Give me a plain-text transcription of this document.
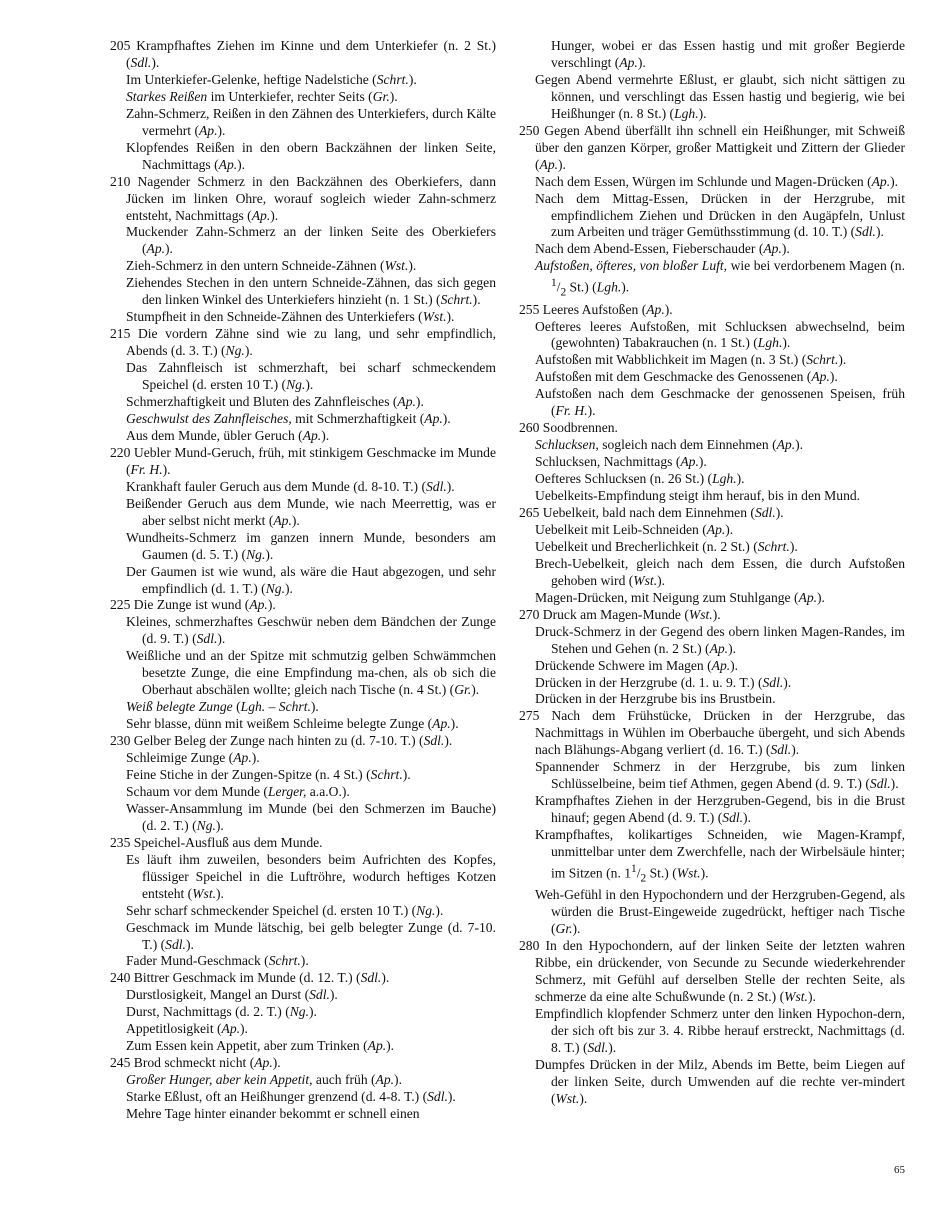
205 Krampfhaftes Ziehen im Kinne und dem Unterkiefer (n. 2 St.) (Sdl.).

Im Unterkiefer-Gelenke, heftige Nadelstiche (Schrt.).

Starkes Reißen im Unterkiefer, rechter Seits (Gr.).

Zahn-Schmerz, Reißen in den Zähnen des Unterkiefers, durch Kälte vermehrt (Ap.).

Klopfendes Reißen in den obern Backzähnen der linken Seite, Nachmittags (Ap.).

210 Nagender Schmerz in den Backzähnen des Oberkiefers, dann Jücken im linken Ohre, worauf sogleich wieder Zahn-schmerz entsteht, Nachmittags (Ap.).

Muckender Zahn-Schmerz an der linken Seite des Oberkiefers (Ap.).

Zieh-Schmerz in den untern Schneide-Zähnen (Wst.).

Ziehendes Stechen in den untern Schneide-Zähnen, das sich gegen den linken Winkel des Unterkiefers hinzieht (n. 1 St.) (Schrt.).

Stumpfheit in den Schneide-Zähnen des Unterkiefers (Wst.).

215 Die vordern Zähne sind wie zu lang, und sehr empfindlich, Abends (d. 3. T.) (Ng.).

Das Zahnfleisch ist schmerzhaft, bei scharf schmeckendem Speichel (d. ersten 10 T.) (Ng.).

Schmerzhaftigkeit und Bluten des Zahnfleisches (Ap.).

Geschwulst des Zahnfleisches, mit Schmerzhaftigkeit (Ap.).

Aus dem Munde, übler Geruch (Ap.).

220 Uebler Mund-Geruch, früh, mit stinkigem Geschmacke im Munde (Fr. H.).

Krankhaft fauler Geruch aus dem Munde (d. 8-10. T.) (Sdl.).

Beißender Geruch aus dem Munde, wie nach Meerrettig, was er aber selbst nicht merkt (Ap.).

Wundheits-Schmerz im ganzen innern Munde, besonders am Gaumen (d. 5. T.) (Ng.).

Der Gaumen ist wie wund, als wäre die Haut abgezogen, und sehr empfindlich (d. 1. T.) (Ng.).

225 Die Zunge ist wund (Ap.).

Kleines, schmerzhaftes Geschwür neben dem Bändchen der Zunge (d. 9. T.) (Sdl.).

Weißliche und an der Spitze mit schmutzig gelben Schwämmchen besetzte Zunge, die eine Empfindung ma-chen, als ob sich die Oberhaut abschälen wollte; gleich nach Tische (n. 4 St.) (Gr.).

Weiß belegte Zunge (Lgh. – Schrt.).

Sehr blasse, dünn mit weißem Schleime belegte Zunge (Ap.).

230 Gelber Beleg der Zunge nach hinten zu (d. 7-10. T.) (Sdl.).

Schleimige Zunge (Ap.).

Feine Stiche in der Zungen-Spitze (n. 4 St.) (Schrt.).

Schaum vor dem Munde (Lerger, a.a.O.).

Wasser-Ansammlung im Munde (bei den Schmerzen im Bauche) (d. 2. T.) (Ng.).

235 Speichel-Ausfluß aus dem Munde.

Es läuft ihm zuweilen, besonders beim Aufrichten des Kopfes, flüssiger Speichel in die Luftröhre, wodurch heftiges Kotzen entsteht (Wst.).

Sehr scharf schmeckender Speichel (d. ersten 10 T.) (Ng.).

Geschmack im Munde lätschig, bei gelb belegter Zunge (d. 7-10. T.) (Sdl.).

Fader Mund-Geschmack (Schrt.).

240 Bittrer Geschmack im Munde (d. 12. T.) (Sdl.).

Durstlosigkeit, Mangel an Durst (Sdl.).

Durst, Nachmittags (d. 2. T.) (Ng.).

Appetitlosigkeit (Ap.).

Zum Essen kein Appetit, aber zum Trinken (Ap.).

245 Brod schmeckt nicht (Ap.).

Großer Hunger, aber kein Appetit, auch früh (Ap.).

Starke Eßlust, oft an Heißhunger grenzend (d. 4-8. T.) (Sdl.).

Mehre Tage hinter einander bekommt er schnell einen

Hunger, wobei er das Essen hastig und mit großer Begierde verschlingt (Ap.).

Gegen Abend vermehrte Eßlust, er glaubt, sich nicht sättigen zu können, und verschlingt das Essen hastig und begierig, wie bei Heißhunger (n. 8 St.) (Lgh.).

250 Gegen Abend überfällt ihn schnell ein Heißhunger, mit Schweiß über den ganzen Körper, großer Mattigkeit und Zittern der Glieder (Ap.).

Nach dem Essen, Würgen im Schlunde und Magen-Drücken (Ap.).

Nach dem Mittag-Essen, Drücken in der Herzgrube, mit empfindlichem Ziehen und Drücken in den Augäpfeln, Unlust zum Arbeiten und träger Gemüthsstimmung (d. 10. T.) (Sdl.).

Nach dem Abend-Essen, Fieberschauder (Ap.).

Aufstoßen, öfteres, von bloßer Luft, wie bei verdorbenem Magen (n. $^1/_2$ St.) (Lgh.).

255 Leeres Aufstoßen (Ap.).

Oefteres leeres Aufstoßen, mit Schlucksen abwechselnd, beim (gewohnten) Tabakrauchen (n. 1 St.) (Lgh.).

Aufstoßen mit Wabblichkeit im Magen (n. 3 St.) (Schrt.).

Aufstoßen mit dem Geschmacke des Genossenen (Ap.).

Aufstoßen nach dem Geschmacke der genossenen Speisen, früh (Fr. H.).

260 Soodbrennen.

Schlucksen, sogleich nach dem Einnehmen (Ap.).

Schlucksen, Nachmittags (Ap.).

Oefteres Schlucksen (n. 26 St.) (Lgh.).

Uebelkeits-Empfindung steigt ihm herauf, bis in den Mund.

265 Uebelkeit, bald nach dem Einnehmen (Sdl.).

Uebelkeit mit Leib-Schneiden (Ap.).

Uebelkeit und Brecherlichkeit (n. 2 St.) (Schrt.).

Brech-Uebelkeit, gleich nach dem Essen, die durch Aufstoßen gehoben wird (Wst.).

Magen-Drücken, mit Neigung zum Stuhlgange (Ap.).

270 Druck am Magen-Munde (Wst.).

Druck-Schmerz in der Gegend des obern linken Magen-Randes, im Stehen und Gehen (n. 2 St.) (Ap.).

Drückende Schwere im Magen (Ap.).

Drücken in der Herzgrube (d. 1. u. 9. T.) (Sdl.).

Drücken in der Herzgrube bis ins Brustbein.

275 Nach dem Frühstücke, Drücken in der Herzgrube, das Nachmittags in Wühlen im Oberbauche übergeht, und sich Abends nach Blähungs-Abgang verliert (d. 16. T.) (Sdl.).

Spannender Schmerz in der Herzgrube, bis zum linken Schlüsselbeine, beim tief Athmen, gegen Abend (d. 9. T.) (Sdl.).

Krampfhaftes Ziehen in der Herzgruben-Gegend, bis in die Brust hinauf; gegen Abend (d. 9. T.) (Sdl.).

Krampfhaftes, kolikartiges Schneiden, wie Magen-Krampf, unmittelbar unter dem Zwerchfelle, nach der Wirbelsäule hinter; im Sitzen (n. $1^1/_2$ St.) (Wst.).

Weh-Gefühl in den Hypochondern und der Herzgruben-Gegend, als würden die Brust-Eingeweide zugedrückt, heftiger nach Tische (Gr.).

280 In den Hypochondern, auf der linken Seite der letzten wahren Ribbe, ein drückender, von Secunde zu Secunde wiederkehrender Schmerz, mit Gefühl auf derselben Stelle der rechten Seite, als schmerze da eine alte Schußwunde (n. 2 St.) (Wst.).

Empfindlich klopfender Schmerz unter den linken Hypochon-dern, der sich oft bis zur 3. 4. Ribbe herauf erstreckt, Nachmittags (d. 8. T.) (Sdl.).

Dumpfes Drücken in der Milz, Abends im Bette, beim Liegen auf der linken Seite, durch Umwenden auf die rechte ver-mindert (Wst.).

65
